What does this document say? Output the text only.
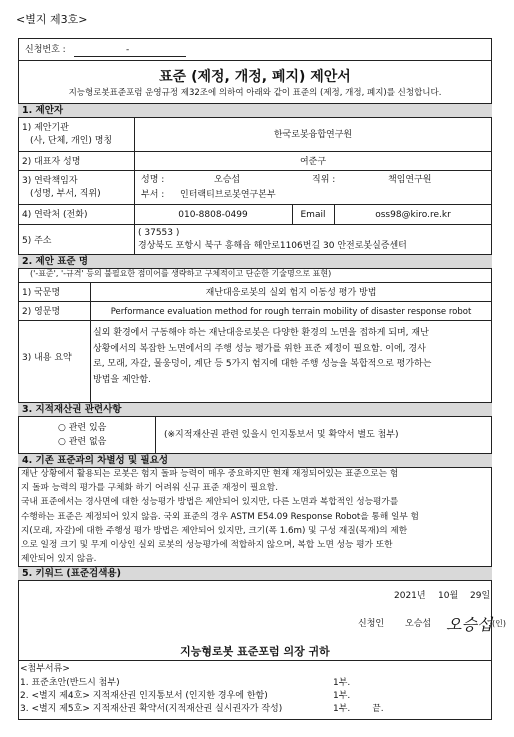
<별지 제3호>
신청번호 :	-
표준 (제정, 개정, 폐지) 제안서
지능형로봇표준포럼 운영규정 제32조에 의하여 아래와 같이 표준의 (제정, 개정, 폐지)를 신청합니다.
1. 제안자
1) 제안기관
(사, 단체, 개인) 명칭
한국로봇융합연구원
2) 대표자 성명	여준구
3) 연락책임자
(성명, 부서, 직위)
성명 :	오승섭	직위 :	책임연구원
부서 : 인터랙티브로봇연구본부
4) 연락처 (전화)	010-8808-0499	Email	oss98@kiro.re.kr
5) 주소
( 37553 )
경상북도 포항시 북구 흥해읍 해안로1106번길 30 안전로봇실증센터
2. 제안 표준 명
('-표준', '-규격' 등의 불필요한 점미어를 생략하고 구체적이고 단순한 기술명으로 표현)
1) 국문명	재난대응로봇의 실외 험지 이동성 평가 방법
2) 영문명	Performance evaluation method for rough terrain mobility of disaster response robot
3) 내용 요약
실외 환경에서 구동해야 하는 재난대응로봇은 다양한 환경의 노면을 접하게 되며, 재난
상황에서의 복잡한 노면에서의 주행 성능 평가를 위한 표준 제정이 필요함. 이에, 경사
로, 모래, 자갈, 물웅덩이, 계단 등 5가지 험지에 대한 주행 성능을 복합적으로 평가하는
방법을 제안함.
3. 지적재산권 관련사항
○ 관련 있음
○ 관련 없음
(※지적재산권 관련 있을시 인지통보서 및 확약서 별도 첨부)
4. 기존 표준과의 차별성 및 필요성
재난 상황에서 활용되는 로봇은 험지 돌파 능력이 매우 중요하지만 현재 재정되어있는 표준으로는 험
지 돌파 능력의 평가를 구체화 하기 어려워 신규 표준 재정이 필요함.
국내 표준에서는 경사면에 대한 성능평가 방법은 제안되어 있지만, 다른 노면과 복합적인 성능평가를
수행하는 표준은 제정되어 있지 않음. 국외 표준의 경우 ASTM E54.09 Response Robot을 통해 일부 험
지(모래, 자갈)에 대한 주행성 평가 방법은 제안되어 있지만, 크기(폭 1.6m) 및 구성 재질(목재)의 제한
으로 일정 크기 및 무게 이상인 실외 로봇의 성능평가에 적합하지 않으며, 복합 노면 성능 평가 또한
제안되어 있지 않음.
5. 키워드 (표준검색용)
2021년 10월 29일
신청인 오승섭 오승섭 (인)
지능형로봇 표준포럼 의장 귀하
<첨부서류>
1. 표준초안(반드시 첨부)	1부.
2. <별지 제4호> 지적재산권 인지통보서 (인지한 경우에 한함)	1부.
3. <별지 제5호> 지적재산권 확약서(지적재산권 실시권자가 작성)	1부. 끝.
